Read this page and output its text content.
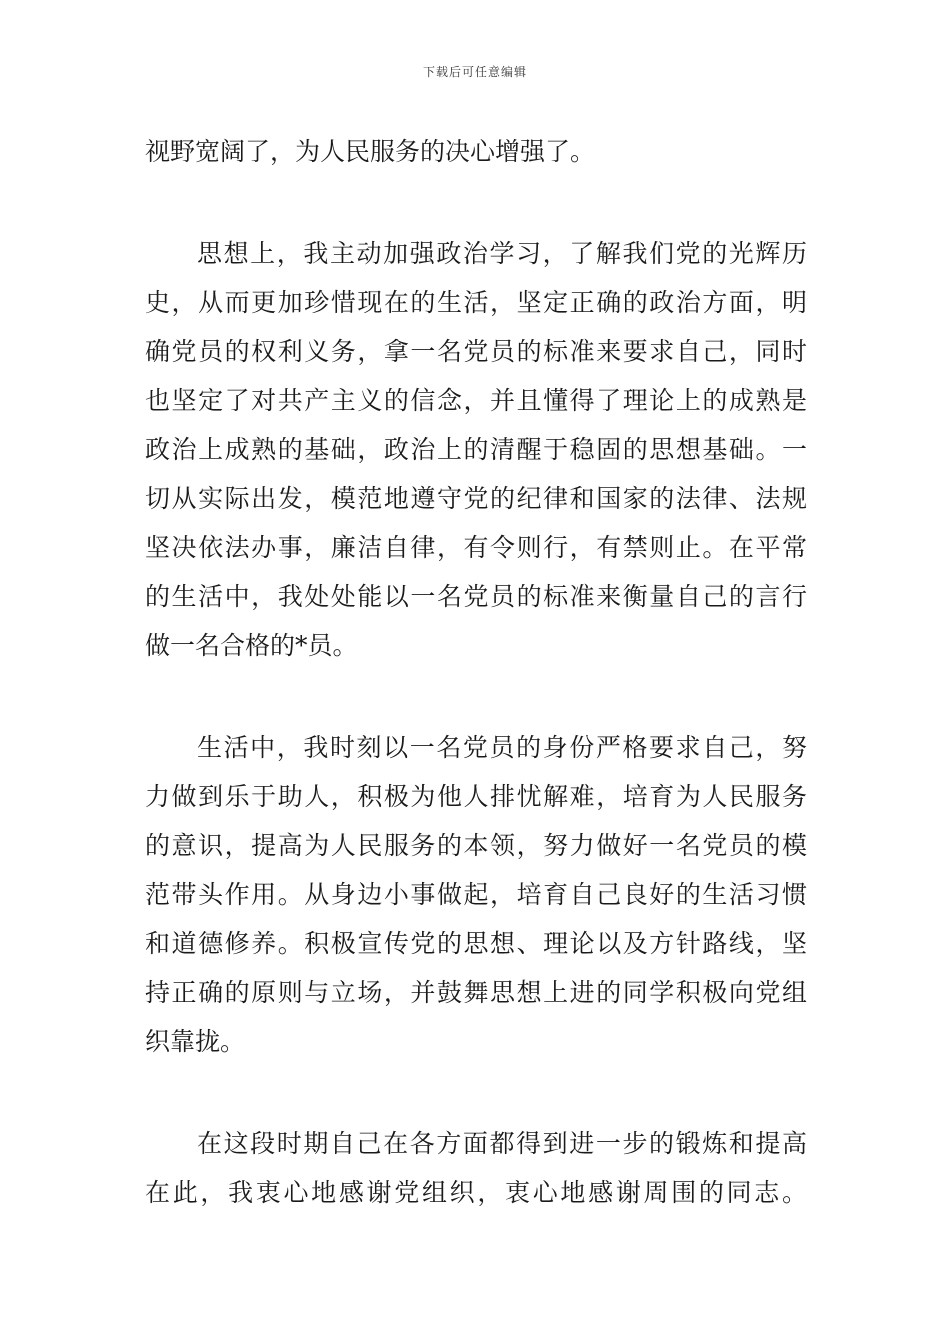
下载后可任意编辑

视野宽阔了，为人民服务的决心增强了。

思想上，我主动加强政治学习，了解我们党的光辉历

史，从而更加珍惜现在的生活，坚定正确的政治方面，明

确党员的权利义务，拿一名党员的标准来要求自己，同时

也坚定了对共产主义的信念，并且懂得了理论上的成熟是

政治上成熟的基础，政治上的清醒于稳固的思想基础。一

切从实际出发，模范地遵守党的纪律和国家的法律、法规

坚决依法办事，廉洁自律，有令则行，有禁则止。在平常

的生活中，我处处能以一名党员的标准来衡量自己的言行

做一名合格的*员。

生活中，我时刻以一名党员的身份严格要求自己，努

力做到乐于助人，积极为他人排忧解难，培育为人民服务

的意识，提高为人民服务的本领，努力做好一名党员的模

范带头作用。从身边小事做起，培育自己良好的生活习惯

和道德修养。积极宣传党的思想、理论以及方针路线，坚

持正确的原则与立场，并鼓舞思想上进的同学积极向党组

织靠拢。

在这段时期自己在各方面都得到进一步的锻炼和提高

在此，我衷心地感谢党组织，衷心地感谢周围的同志。
